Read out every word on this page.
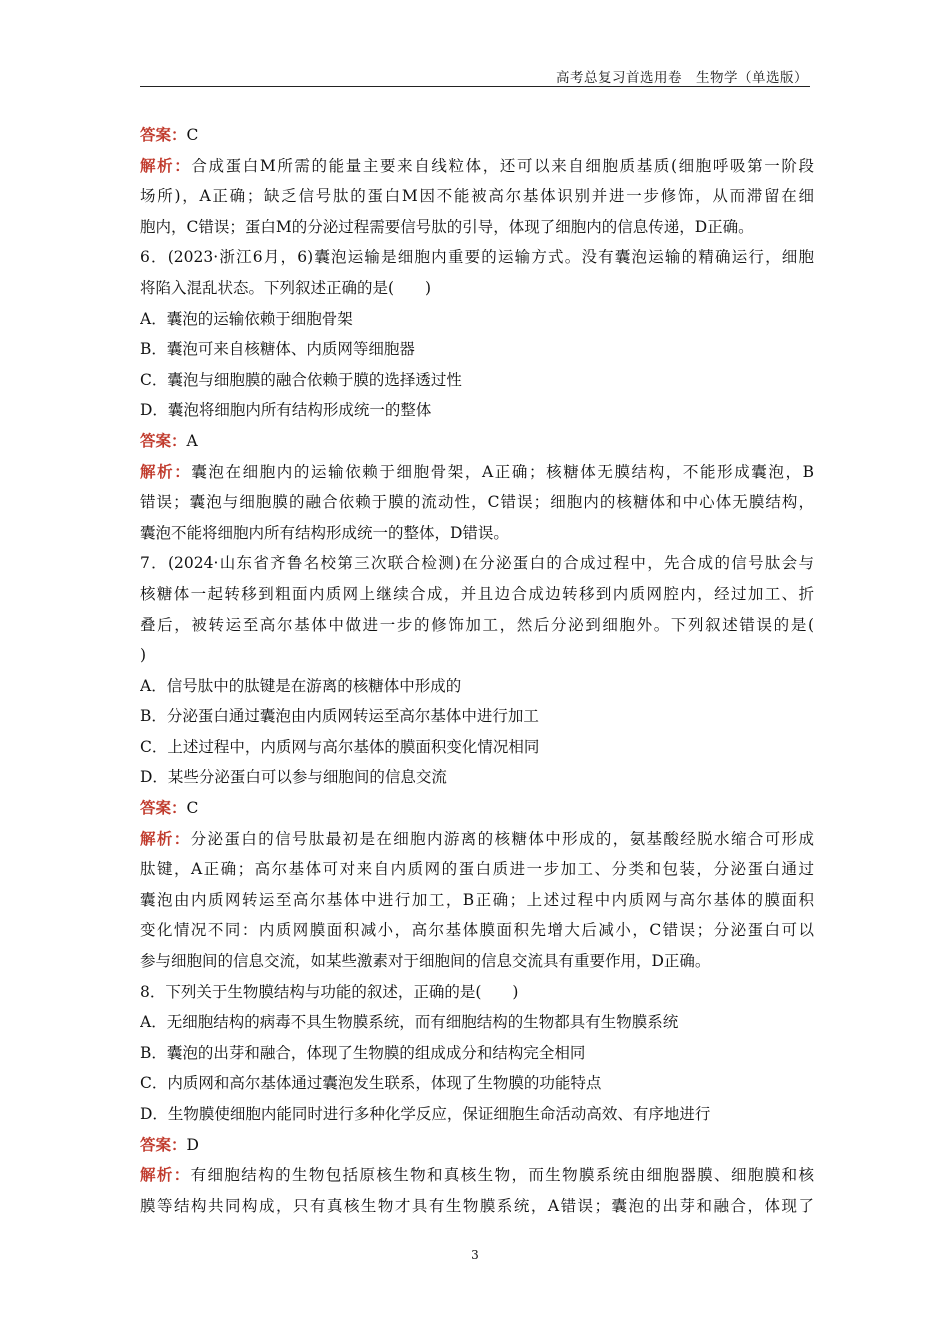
高考总复习首选用卷　生物学（单选版）
答案：C
解析：合成蛋白M所需的能量主要来自线粒体，还可以来自细胞质基质(细胞呼吸第一阶段
场所)，A正确；缺乏信号肽的蛋白M因不能被高尔基体识别并进一步修饰，从而滞留在细
胞内，C错误；蛋白M的分泌过程需要信号肽的引导，体现了细胞内的信息传递，D正确。
6．(2023·浙江6月，6)囊泡运输是细胞内重要的运输方式。没有囊泡运输的精确运行，细胞
将陷入混乱状态。下列叙述正确的是(　　)
A．囊泡的运输依赖于细胞骨架
B．囊泡可来自核糖体、内质网等细胞器
C．囊泡与细胞膜的融合依赖于膜的选择透过性
D．囊泡将细胞内所有结构形成统一的整体
答案：A
解析：囊泡在细胞内的运输依赖于细胞骨架，A正确；核糖体无膜结构，不能形成囊泡，B
错误；囊泡与细胞膜的融合依赖于膜的流动性，C错误；细胞内的核糖体和中心体无膜结构，
囊泡不能将细胞内所有结构形成统一的整体，D错误。
7．(2024·山东省齐鲁名校第三次联合检测)在分泌蛋白的合成过程中，先合成的信号肽会与
核糖体一起转移到粗面内质网上继续合成，并且边合成边转移到内质网腔内，经过加工、折
叠后，被转运至高尔基体中做进一步的修饰加工，然后分泌到细胞外。下列叙述错误的是(
)
A．信号肽中的肽键是在游离的核糖体中形成的
B．分泌蛋白通过囊泡由内质网转运至高尔基体中进行加工
C．上述过程中，内质网与高尔基体的膜面积变化情况相同
D．某些分泌蛋白可以参与细胞间的信息交流
答案：C
解析：分泌蛋白的信号肽最初是在细胞内游离的核糖体中形成的，氨基酸经脱水缩合可形成
肽键，A正确；高尔基体可对来自内质网的蛋白质进一步加工、分类和包装，分泌蛋白通过
囊泡由内质网转运至高尔基体中进行加工，B正确；上述过程中内质网与高尔基体的膜面积
变化情况不同：内质网膜面积减小，高尔基体膜面积先增大后减小，C错误；分泌蛋白可以
参与细胞间的信息交流，如某些激素对于细胞间的信息交流具有重要作用，D正确。
8．下列关于生物膜结构与功能的叙述，正确的是(　　)
A．无细胞结构的病毒不具生物膜系统，而有细胞结构的生物都具有生物膜系统
B．囊泡的出芽和融合，体现了生物膜的组成成分和结构完全相同
C．内质网和高尔基体通过囊泡发生联系，体现了生物膜的功能特点
D．生物膜使细胞内能同时进行多种化学反应，保证细胞生命活动高效、有序地进行
答案：D
解析：有细胞结构的生物包括原核生物和真核生物，而生物膜系统由细胞器膜、细胞膜和核
膜等结构共同构成，只有真核生物才具有生物膜系统，A错误；囊泡的出芽和融合，体现了
3
